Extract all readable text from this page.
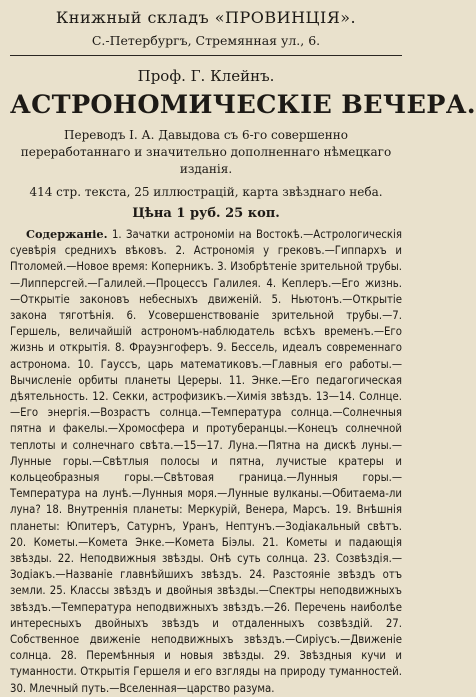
Книжный складъ «ПРОВИНЦІЯ».
С.-Петербургъ, Стремянная ул., 6.
Проф. Г. Клейнъ.
АСТРОНОМИЧЕСКІЕ ВЕЧЕРА.
Переводъ І. А. Давыдова съ 6-го совершенно переработаннаго и значительно дополненнаго нѣмецкаго изданія.
414 стр. текста, 25 иллюстрацій, карта звѣзднаго неба.
Цѣна 1 руб. 25 коп.
Содержаніе. 1. Зачатки астрономіи на Востокѣ.—Астрологическія суевѣрія среднихъ вѣковъ. 2. Астрономія у грековъ.—Гиппархъ и Птоломей.—Новое время: Коперникъ. 3. Изобрѣтеніе зрительной трубы.—Липперсгей.—Галилей.—Процессъ Галилея. 4. Кеплеръ.—Его жизнь.—Открытіе законовъ небесныхъ движеній. 5. Ньютонъ.—Открытіе закона тяготѣнія. 6. Усовершенствованіе зрительной трубы.—7. Гершель, величайшій астрономъ-наблюдатель всѣхъ временъ.—Его жизнь и открытія. 8. Фрауэнгоферъ. 9. Бессель, идеалъ современнаго астронома. 10. Гауссъ, царь математиковъ.—Главныя его работы.—Вычисленіе орбиты планеты Цереры. 11. Энке.—Его педагогическая дѣятельность. 12. Секки, астрофизикъ.—Химія звѣздъ. 13—14. Солнце.—Его энергія.—Возрастъ солнца.—Температура солнца.—Солнечныя пятна и факелы.—Хромосфера и протуберанцы.—Конецъ солнечной теплоты и солнечнаго свѣта.—15—17. Луна.—Пятна на дискѣ луны.—Лунные горы.—Свѣтлыя полосы и пятна, лучистые кратеры и кольцеобразныя горы.—Свѣтовая граница.—Лунныя горы.—Температура на лунѣ.—Лунныя моря.—Лунные вулканы.—Обитаема-ли луна? 18. Внутреннія планеты: Меркурій, Венера, Марсъ. 19. Внѣшнія планеты: Юпитеръ, Сатурнъ, Уранъ, Нептунъ.—Зодіакальный свѣтъ. 20. Кометы.—Комета Энке.—Комета Біэлы. 21. Кометы и падающія звѣзды. 22. Неподвижныя звѣзды. Онѣ суть солнца. 23. Созвѣздія.—Зодіакъ.—Названіе главнѣйшихъ звѣздъ. 24. Разстояніе звѣздъ отъ земли. 25. Классы звѣздъ и двойныя звѣзды.—Спектры неподвижныхъ звѣздъ.—Температура неподвижныхъ звѣздъ.—26. Перечень наиболѣе интересныхъ двойныхъ звѣздъ и отдаленныхъ созвѣздій. 27. Собственное движеніе неподвижныхъ звѣздъ.—Сиріусъ.—Движеніе солнца. 28. Перемѣнныя и новыя звѣзды. 29. Звѣздныя кучи и туманности. Открытія Гершеля и его взгляды на природу туманностей. 30. Млечный путь.—Вселенная—царство разума.
